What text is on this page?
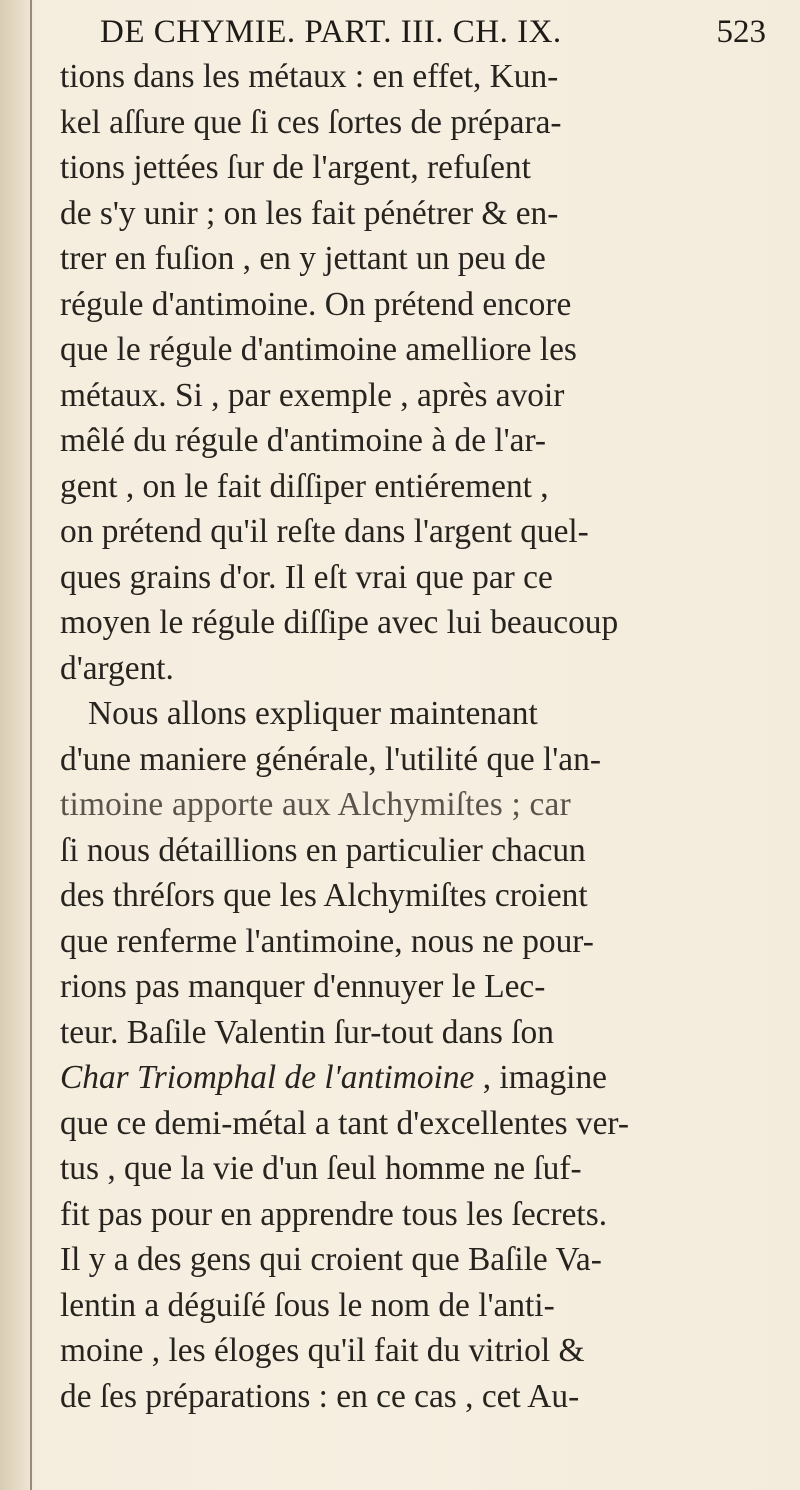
DE CHYMIE. PART. III. CH. IX.	523
tions dans les métaux : en effet, Kun-
kel aſſure que ſi ces ſortes de prépara-
tions jettées ſur de l'argent, refuſent
de s'y unir ; on les fait pénétrer & en-
trer en fuſion , en y jettant un peu de
régule d'antimoine. On prétend encore
que le régule d'antimoine amelliore les
métaux. Si , par exemple , après avoir
mêlé du régule d'antimoine à de l'ar-
gent , on le fait diſſiper entiérement ,
on prétend qu'il reſte dans l'argent quel-
ques grains d'or. Il eſt vrai que par ce
moyen le régule diſſipe avec lui beaucoup
d'argent.
Nous allons expliquer maintenant
d'une maniere générale, l'utilité que l'an-
timoine apporte aux Alchymiſtes ; car
ſi nous détaillions en particulier chacun
des thréſors que les Alchymiſtes croient
que renferme l'antimoine, nous ne pour-
rions pas manquer d'ennuyer le Lec-
teur. Baſile Valentin ſur-tout dans ſon
Char Triomphal de l'antimoine , imagine
que ce demi-métal a tant d'excellentes ver-
tus , que la vie d'un ſeul homme ne ſuf-
fit pas pour en apprendre tous les ſecrets.
Il y a des gens qui croient que Baſile Va-
lentin a déguiſé ſous le nom de l'anti-
moine , les éloges qu'il fait du vitriol &
de ſes préparations : en ce cas , cet Au-
